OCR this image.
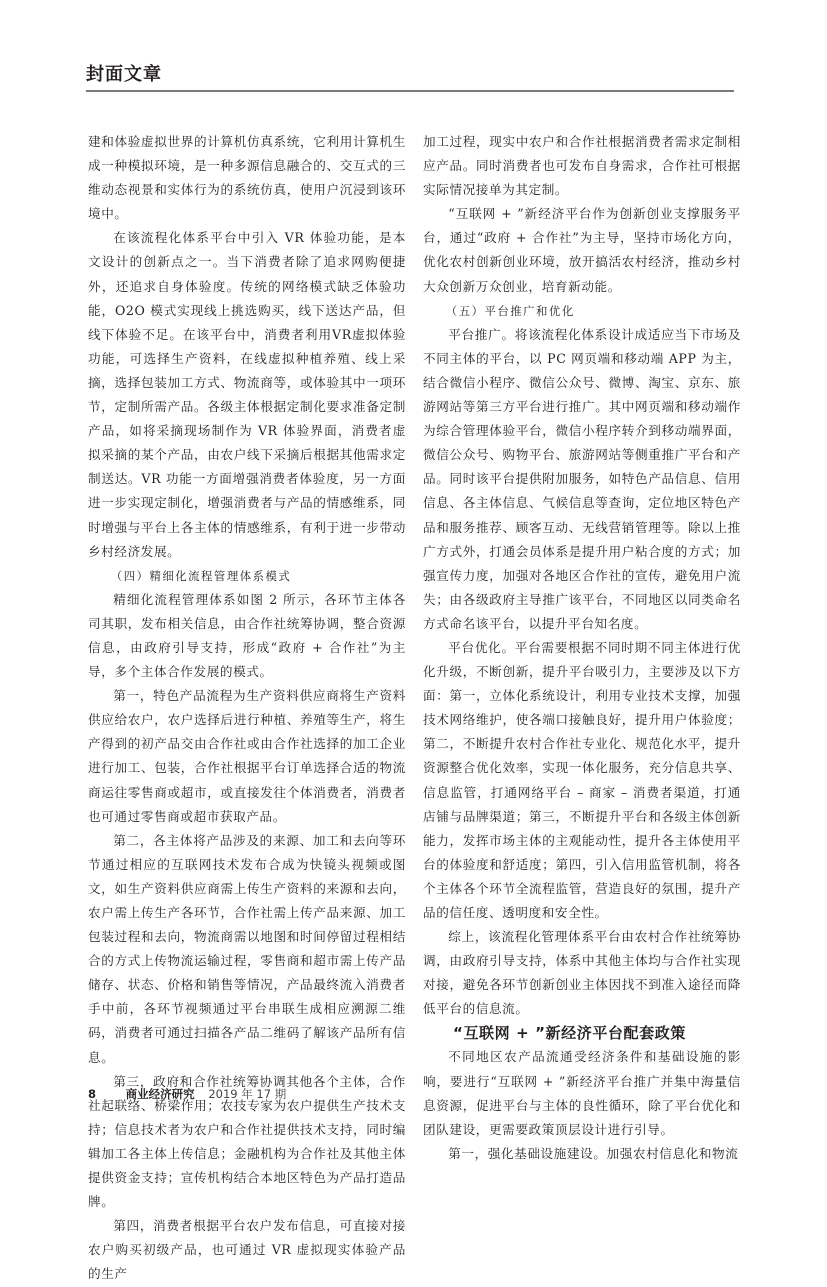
封面文章

建和体验虚拟世界的计算机仿真系统，它利用计算机生成一种模拟环境，是一种多源信息融合的、交互式的三维动态视景和实体行为的系统仿真，使用户沉浸到该环境中。

在该流程化体系平台中引入 VR 体验功能，是本文设计的创新点之一。当下消费者除了追求网购便捷外，还追求自身体验度。传统的网络模式缺乏体验功能，O2O 模式实现线上挑选购买，线下送达产品，但线下体验不足。在该平台中，消费者利用VR虚拟体验功能，可选择生产资料，在线虚拟种植养殖、线上采摘，选择包装加工方式、物流商等，或体验其中一项环节，定制所需产品。各级主体根据定制化要求准备定制产品，如将采摘现场制作为 VR 体验界面，消费者虚拟采摘的某个产品，由农户线下采摘后根据其他需求定制送达。VR 功能一方面增强消费者体验度，另一方面进一步实现定制化，增强消费者与产品的情感维系，同时增强与平台上各主体的情感维系，有利于进一步带动乡村经济发展。

（四）精细化流程管理体系模式

精细化流程管理体系如图 2 所示，各环节主体各司其职，发布相关信息，由合作社统筹协调，整合资源信息，由政府引导支持，形成“政府 + 合作社”为主导，多个主体合作发展的模式。

第一，特色产品流程为生产资料供应商将生产资料供应给农户，农户选择后进行种植、养殖等生产，将生产得到的初产品交由合作社或由合作社选择的加工企业进行加工、包装，合作社根据平台订单选择合适的物流商运往零售商或超市，或直接发往个体消费者，消费者也可通过零售商或超市获取产品。

第二，各主体将产品涉及的来源、加工和去向等环节通过相应的互联网技术发布合成为快镜头视频或图文，如生产资料供应商需上传生产资料的来源和去向，农户需上传生产各环节，合作社需上传产品来源、加工包装过程和去向，物流商需以地图和时间停留过程相结合的方式上传物流运输过程，零售商和超市需上传产品储存、状态、价格和销售等情况，产品最终流入消费者手中前，各环节视频通过平台串联生成相应溯源二维码，消费者可通过扫描各产品二维码了解该产品所有信息。

第三，政府和合作社统筹协调其他各个主体，合作社起联络、桥梁作用；农技专家为农户提供生产技术支持；信息技术者为农户和合作社提供技术支持，同时编辑加工各主体上传信息；金融机构为合作社及其他主体提供资金支持；宣传机构结合本地区特色为产品打造品牌。

第四，消费者根据平台农户发布信息，可直接对接农户购买初级产品，也可通过 VR 虚拟现实体验产品的生产

加工过程，现实中农户和合作社根据消费者需求定制相应产品。同时消费者也可发布自身需求，合作社可根据实际情况接单为其定制。

“互联网 + ”新经济平台作为创新创业支撑服务平台，通过“政府 + 合作社”为主导，坚持市场化方向，优化农村创新创业环境，放开搞活农村经济，推动乡村大众创新万众创业，培育新动能。

（五）平台推广和优化

平台推广。将该流程化体系设计成适应当下市场及不同主体的平台，以 PC 网页端和移动端 APP 为主，结合微信小程序、微信公众号、微博、淘宝、京东、旅游网站等第三方平台进行推广。其中网页端和移动端作为综合管理体验平台，微信小程序转介到移动端界面，微信公众号、购物平台、旅游网站等侧重推广平台和产品。同时该平台提供附加服务，如特色产品信息、信用信息、各主体信息、气候信息等查询，定位地区特色产品和服务推荐、顾客互动、无线营销管理等。除以上推广方式外，打通会员体系是提升用户粘合度的方式；加强宣传力度，加强对各地区合作社的宣传，避免用户流失；由各级政府主导推广该平台，不同地区以同类命名方式命名该平台，以提升平台知名度。

平台优化。平台需要根据不同时期不同主体进行优化升级，不断创新，提升平台吸引力，主要涉及以下方面：第一，立体化系统设计，利用专业技术支撑，加强技术网络维护，使各端口接触良好，提升用户体验度；第二，不断提升农村合作社专业化、规范化水平，提升资源整合优化效率，实现一体化服务，充分信息共享、信息监管，打通网络平台 – 商家 – 消费者渠道，打通店铺与品牌渠道；第三，不断提升平台和各级主体创新能力，发挥市场主体的主观能动性，提升各主体使用平台的体验度和舒适度；第四，引入信用监管机制，将各个主体各个环节全流程监管，营造良好的氛围，提升产品的信任度、透明度和安全性。

综上，该流程化管理体系平台由农村合作社统筹协调，由政府引导支持，体系中其他主体均与合作社实现对接，避免各环节创新创业主体因找不到准入途径而降低平台的信息流。

“互联网 + ”新经济平台配套政策

不同地区农产品流通受经济条件和基础设施的影响，要进行“互联网 + ”新经济平台推广并集中海量信息资源，促进平台与主体的良性循环，除了平台优化和团队建设，更需要政策顶层设计进行引导。

第一，强化基础设施建设。加强农村信息化和物流

8	商业经济研究 2019 年 17 期
